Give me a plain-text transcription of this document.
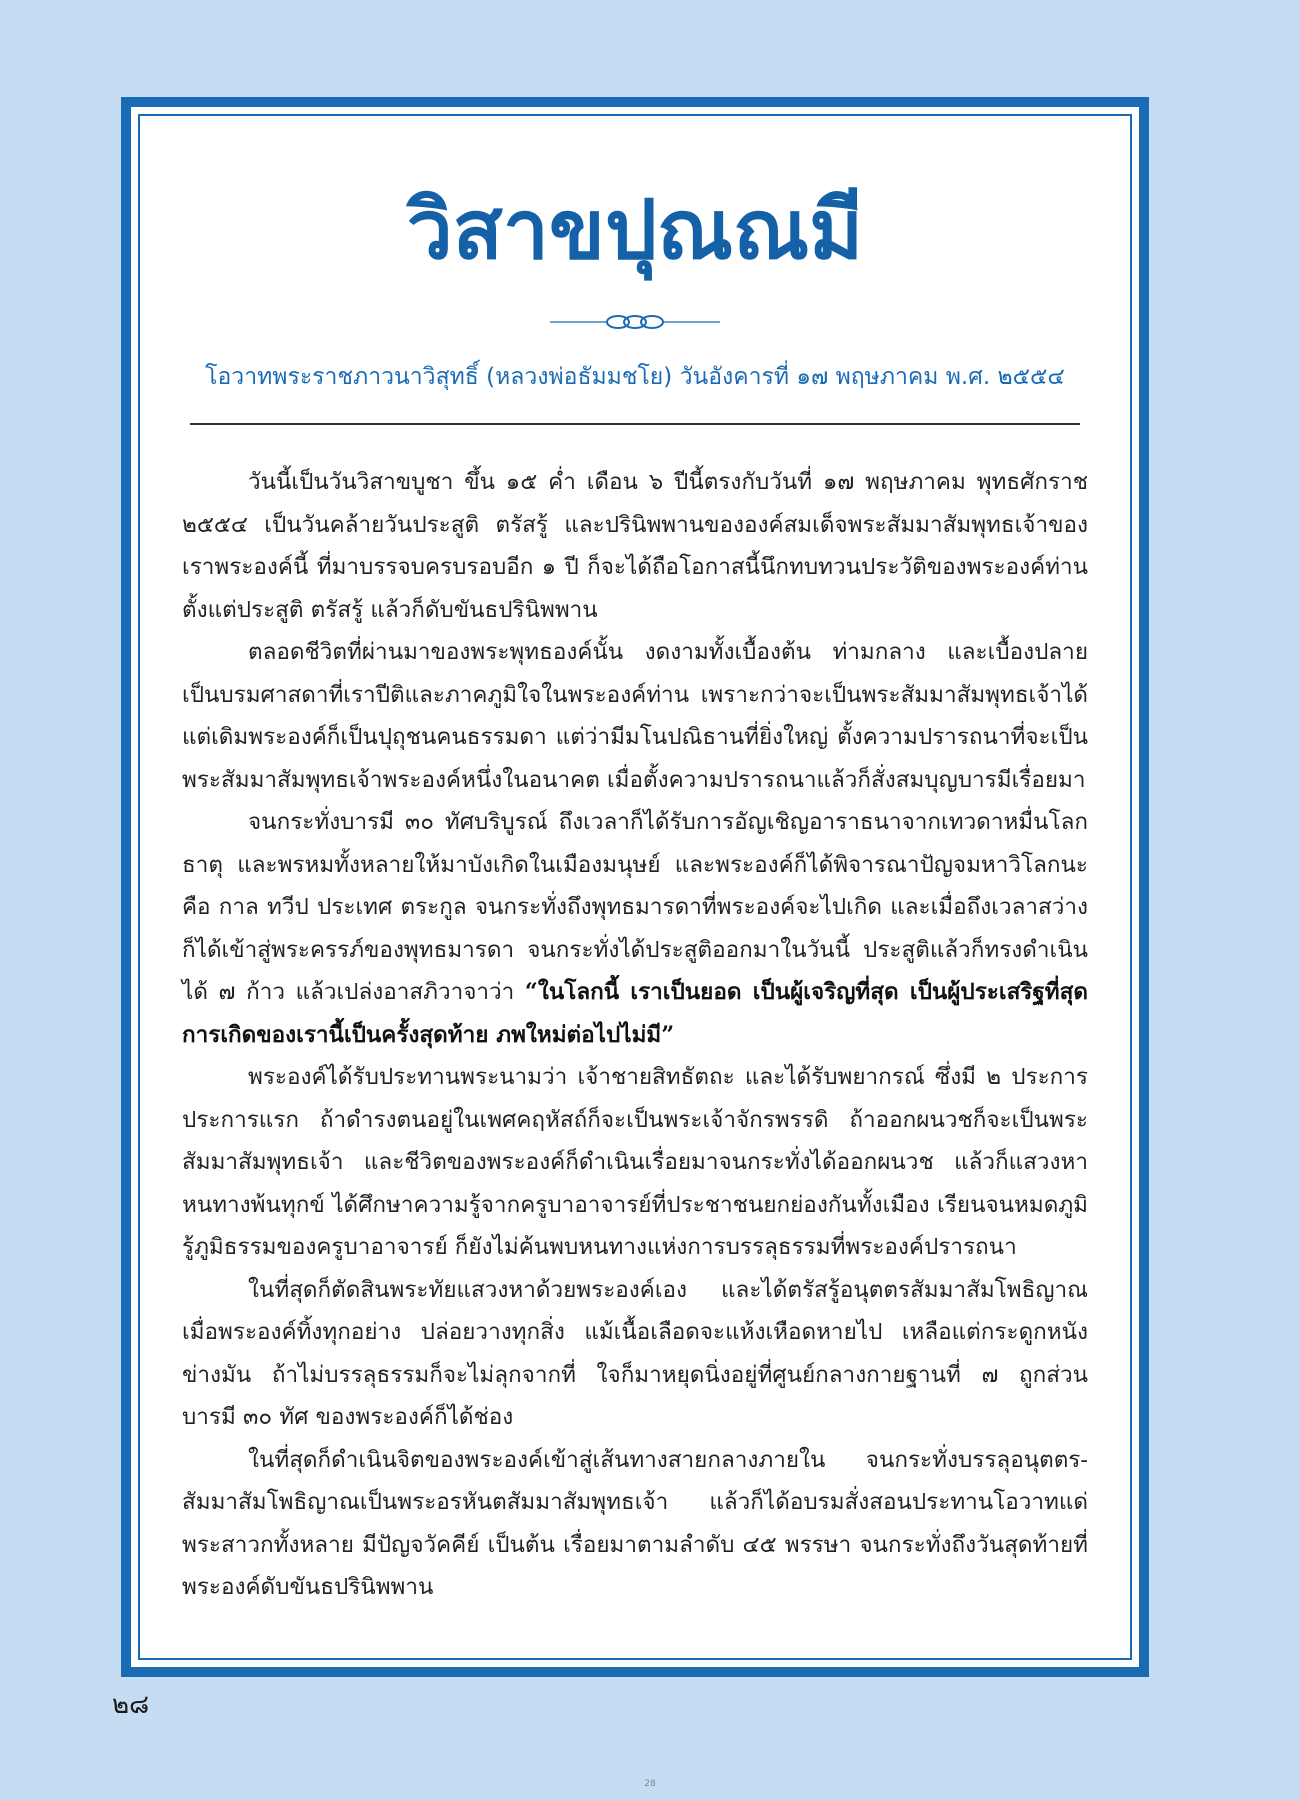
วิสาขปุณณมี
โอวาทพระราชภาวนาวิสุทธิ์ (หลวงพ่อธัมมชโย) วันอังคารที่ ๑๗ พฤษภาคม พ.ศ. ๒๕๕๔

วันนี้เป็นวันวิสาขบูชา ขึ้น ๑๕ ค่ำ เดือน ๖ ปีนี้ตรงกับวันที่ ๑๗ พฤษภาคม พุทธศักราช ๒๕๕๔ เป็นวันคล้ายวันประสูติ ตรัสรู้ และปรินิพพานขององค์สมเด็จพระสัมมาสัมพุทธเจ้าของเราพระองค์นี้ ที่มาบรรจบครบรอบอีก ๑ ปี ก็จะได้ถือโอกาสนี้นึกทบทวนประวัติของพระองค์ท่านตั้งแต่ประสูติ ตรัสรู้ แล้วก็ดับขันธปรินิพพาน

ตลอดชีวิตที่ผ่านมาของพระพุทธองค์นั้น งดงามทั้งเบื้องต้น ท่ามกลาง และเบื้องปลาย เป็นบรมศาสดาที่เราปีติและภาคภูมิใจในพระองค์ท่าน เพราะกว่าจะเป็นพระสัมมาสัมพุทธเจ้าได้ แต่เดิมพระองค์ก็เป็นปุถุชนคนธรรมดา แต่ว่ามีมโนปณิธานที่ยิ่งใหญ่ ตั้งความปรารถนาที่จะเป็นพระสัมมาสัมพุทธเจ้าพระองค์หนึ่งในอนาคต เมื่อตั้งความปรารถนาแล้วก็สั่งสมบุญบารมีเรื่อยมา

จนกระทั่งบารมี ๓๐ ทัศบริบูรณ์ ถึงเวลาก็ได้รับการอัญเชิญอาราธนาจากเทวดาหมื่นโลกธาตุ และพรหมทั้งหลายให้มาบังเกิดในเมืองมนุษย์ และพระองค์ก็ได้พิจารณาปัญจมหาวิโลกนะ คือ กาล ทวีป ประเทศ ตระกูล จนกระทั่งถึงพุทธมารดาที่พระองค์จะไปเกิด และเมื่อถึงเวลาสว่างก็ได้เข้าสู่พระครรภ์ของพุทธมารดา จนกระทั่งได้ประสูติออกมาในวันนี้ ประสูติแล้วก็ทรงดำเนินได้ ๗ ก้าว แล้วเปล่งอาสภิวาจาว่า “ในโลกนี้ เราเป็นยอด เป็นผู้เจริญที่สุด เป็นผู้ประเสริฐที่สุด การเกิดของเรานี้เป็นครั้งสุดท้าย ภพใหม่ต่อไปไม่มี”

พระองค์ได้รับประทานพระนามว่า เจ้าชายสิทธัตถะ และได้รับพยากรณ์ ซึ่งมี ๒ ประการ ประการแรก ถ้าดำรงตนอยู่ในเพศคฤหัสถ์ก็จะเป็นพระเจ้าจักรพรรดิ ถ้าออกผนวชก็จะเป็นพระสัมมาสัมพุทธเจ้า และชีวิตของพระองค์ก็ดำเนินเรื่อยมาจนกระทั่งได้ออกผนวช แล้วก็แสวงหาหนทางพ้นทุกข์ ได้ศึกษาความรู้จากครูบาอาจารย์ที่ประชาชนยกย่องกันทั้งเมือง เรียนจนหมดภูมิรู้ภูมิธรรมของครูบาอาจารย์ ก็ยังไม่ค้นพบหนทางแห่งการบรรลุธรรมที่พระองค์ปรารถนา

ในที่สุดก็ตัดสินพระทัยแสวงหาด้วยพระองค์เอง และได้ตรัสรู้อนุตตรสัมมาสัมโพธิญาณ เมื่อพระองค์ทิ้งทุกอย่าง ปล่อยวางทุกสิ่ง แม้เนื้อเลือดจะแห้งเหือดหายไป เหลือแต่กระดูกหนังข่างมัน ถ้าไม่บรรลุธรรมก็จะไม่ลุกจากที่ ใจก็มาหยุดนิ่งอยู่ที่ศูนย์กลางกายฐานที่ ๗ ถูกส่วน บารมี ๓๐ ทัศ ของพระองค์ก็ได้ช่อง

ในที่สุดก็ดำเนินจิตของพระองค์เข้าสู่เส้นทางสายกลางภายใน จนกระทั่งบรรลุอนุตตร-สัมมาสัมโพธิญาณเป็นพระอรหันตสัมมาสัมพุทธเจ้า แล้วก็ได้อบรมสั่งสอนประทานโอวาทแด่พระสาวกทั้งหลาย มีปัญจวัคคีย์ เป็นต้น เรื่อยมาตามลำดับ ๔๕ พรรษา จนกระทั่งถึงวันสุดท้ายที่พระองค์ดับขันธปรินิพพาน

๒๘
28
